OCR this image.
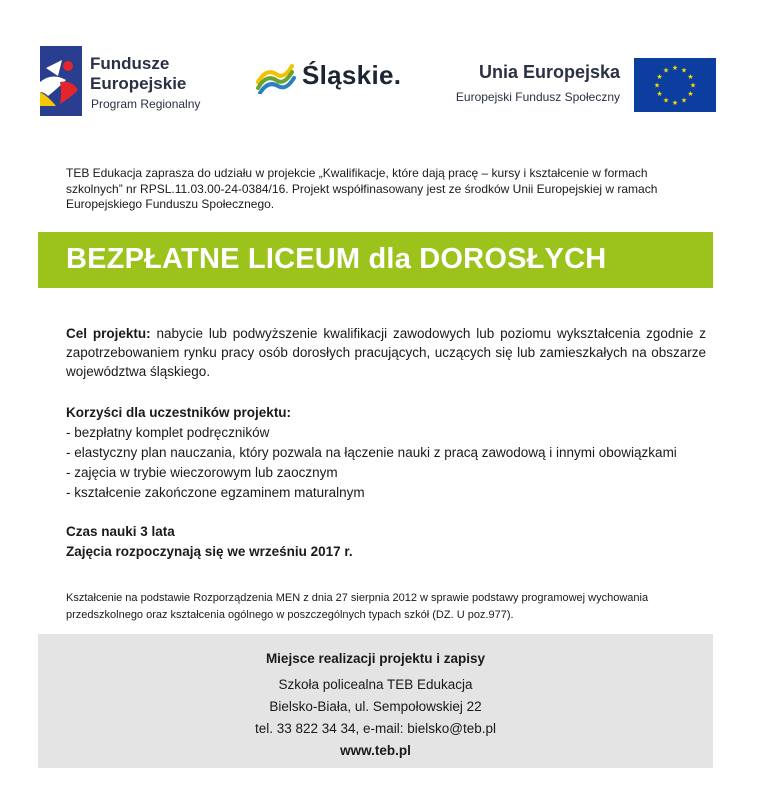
Fundusze
Europejskie
Program Regionalny
Śląskie.	Unia Europejska
Europejski Fundusz Społeczny
★ ★
★
★
★
★
★
★
★
★
★
★
TEB Edukacja zaprasza do udziału w projekcie „Kwalifikacje, które dają pracę – kursy i kształcenie w formach szkolnych” nr RPSL.11.03.00-24-0384/16. Projekt współfinasowany jest ze środków Unii Europejskiej w ramach Europejskiego Funduszu Społecznego.
BEZPŁATNE LICEUM dla DOROSŁYCH
Cel projektu: nabycie lub podwyższenie kwalifikacji zawodowych lub poziomu wykształcenia zgodnie z zapotrzebowaniem rynku pracy osób dorosłych pracujących, uczących się lub zamieszkałych na obszarze województwa śląskiego.
Korzyści dla uczestników projektu:
- bezpłatny komplet podręczników
- elastyczny plan nauczania, który pozwala na łączenie nauki z pracą zawodową i innymi obowiązkami
- zajęcia w trybie wieczorowym lub zaocznym
- kształcenie zakończone egzaminem maturalnym
Czas nauki 3 lata
Zajęcia rozpoczynają się we wrześniu 2017 r.
Kształcenie na podstawie Rozporządzenia MEN z dnia 27 sierpnia 2012 w sprawie podstawy programowej wychowania przedszkolnego oraz kształcenia ogólnego w poszczególnych typach szkół (DZ. U poz.977).
Miejsce realizacji projektu i zapisy
Szkoła policealna TEB Edukacja
Bielsko-Biała, ul. Sempołowskiej 22
tel. 33 822 34 34, e-mail: bielsko@teb.pl
www.teb.pl
